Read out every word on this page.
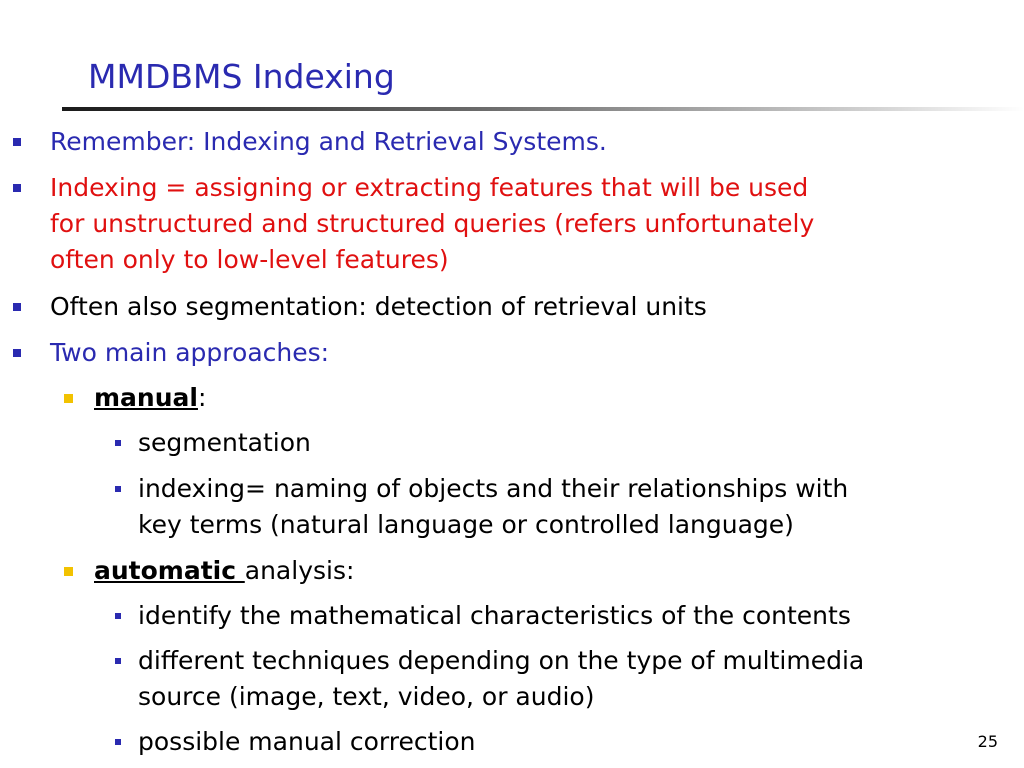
MMDBMS Indexing
Remember: Indexing and Retrieval Systems.
Indexing = assigning or extracting features that will be used
for unstructured and structured queries (refers unfortunately
often only to low-level features)
Often also segmentation: detection of retrieval units
Two main approaches:
manual:
segmentation
indexing= naming of objects and their relationships with
key terms (natural language or controlled language)
automatic analysis:
identify the mathematical characteristics of the contents
different techniques depending on the type of multimedia
source (image, text, video, or audio)
possible manual correction	25
